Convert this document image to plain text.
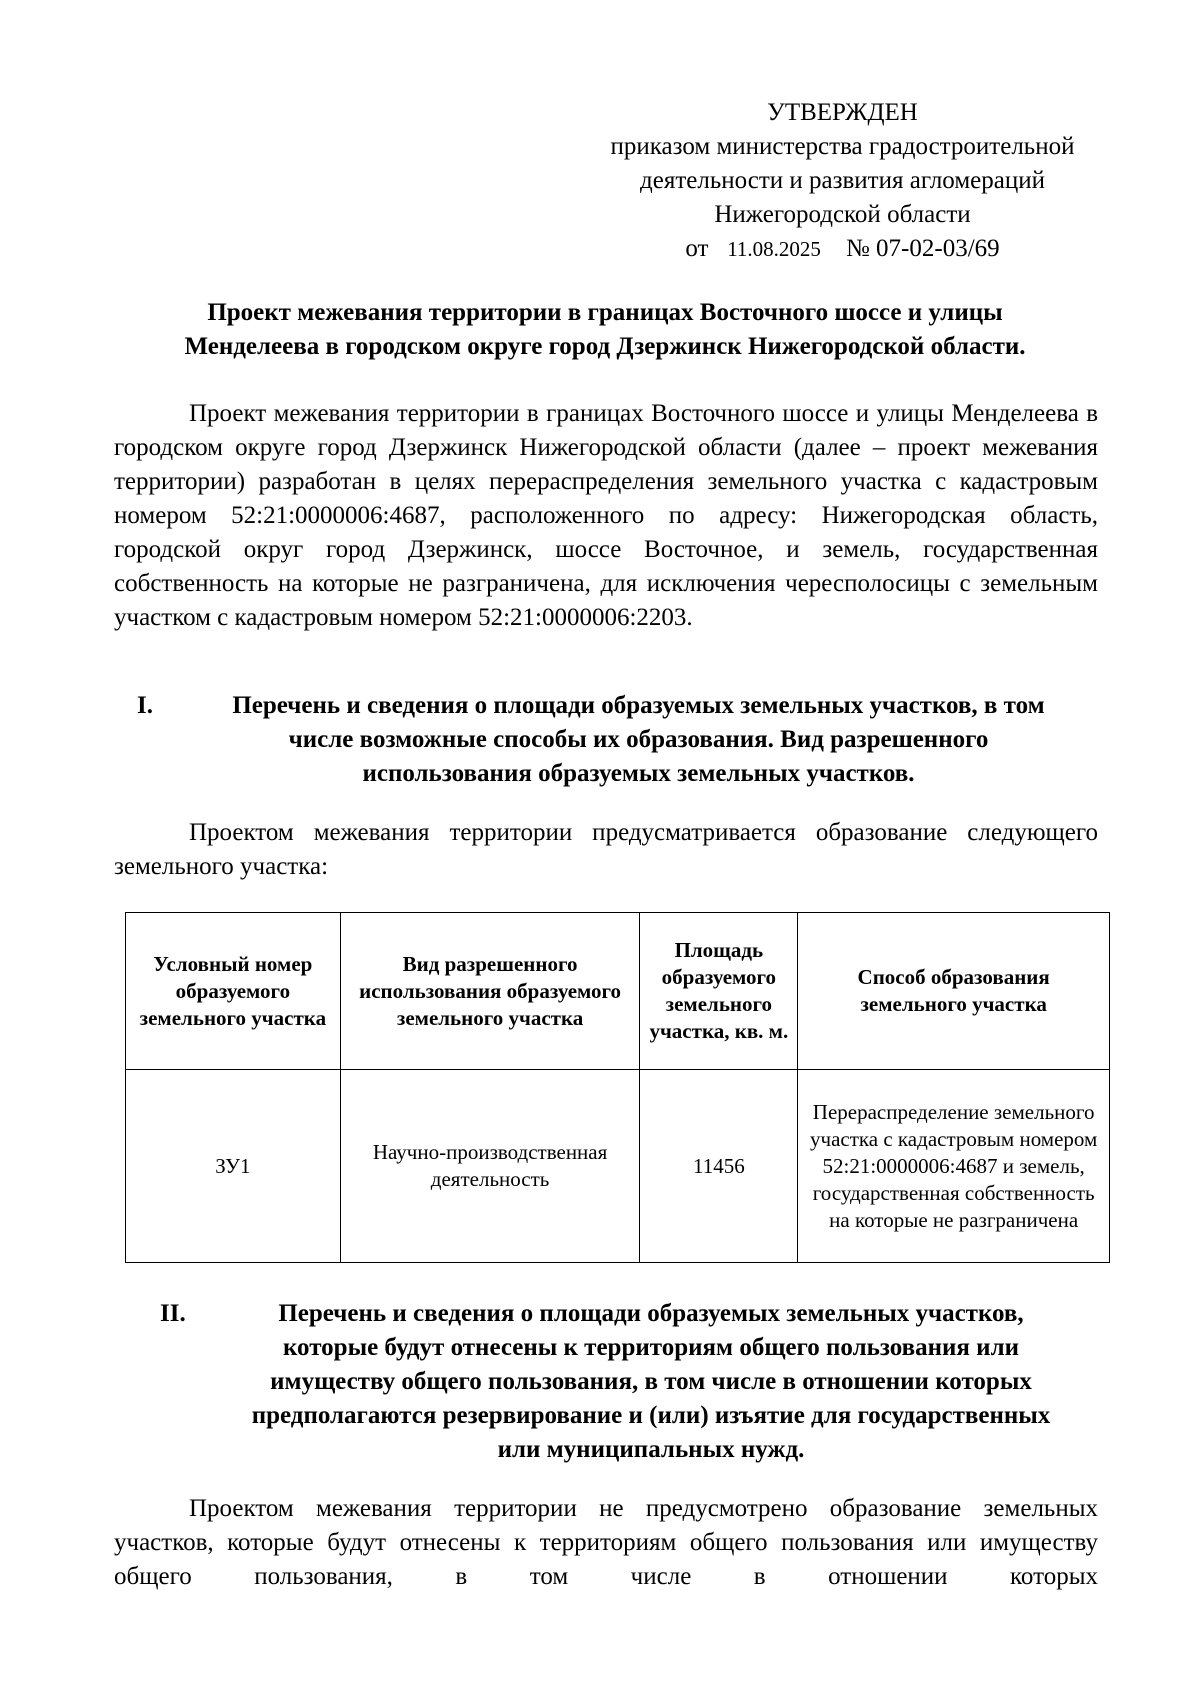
УТВЕРЖДЕН
приказом министерства градостроительной
деятельности и развития агломераций
Нижегородской области
от 11.08.2025 № 07-02-03/69
Проект межевания территории в границах Восточного шоссе и улицы
Менделеева в городском округе город Дзержинск Нижегородской области.
Проект межевания территории в границах Восточного шоссе и улицы Менделеева в городском округе город Дзержинск Нижегородской области (далее – проект межевания территории) разработан в целях перераспределения земельного участка с кадастровым номером 52:21:0000006:4687, расположенного по адресу: Нижегородская область, городской округ город Дзержинск, шоссе Восточное, и земель, государственная собственность на которые не разграничена, для исключения чересполосицы с земельным участком с кадастровым номером 52:21:0000006:2203.
I.	Перечень и сведения о площади образуемых земельных участков, в том
числе возможные способы их образования. Вид разрешенного
использования образуемых земельных участков.
Проектом межевания территории предусматривается образование следующего земельного участка:
Условный номер образуемого земельного участка	Вид разрешенного использования образуемого земельного участка	Площадь образуемого земельного участка, кв. м.	Способ образования земельного участка
ЗУ1	Научно-производственная деятельность	11456	Перераспределение земельного участка с кадастровым номером 52:21:0000006:4687 и земель, государственная собственность на которые не разграничена
II.	Перечень и сведения о площади образуемых земельных участков,
которые будут отнесены к территориям общего пользования или
имуществу общего пользования, в том числе в отношении которых
предполагаются резервирование и (или) изъятие для государственных
или муниципальных нужд.
Проектом межевания территории не предусмотрено образование земельных участков, которые будут отнесены к территориям общего пользования или имуществу общего пользования, в том числе в отношении которых
